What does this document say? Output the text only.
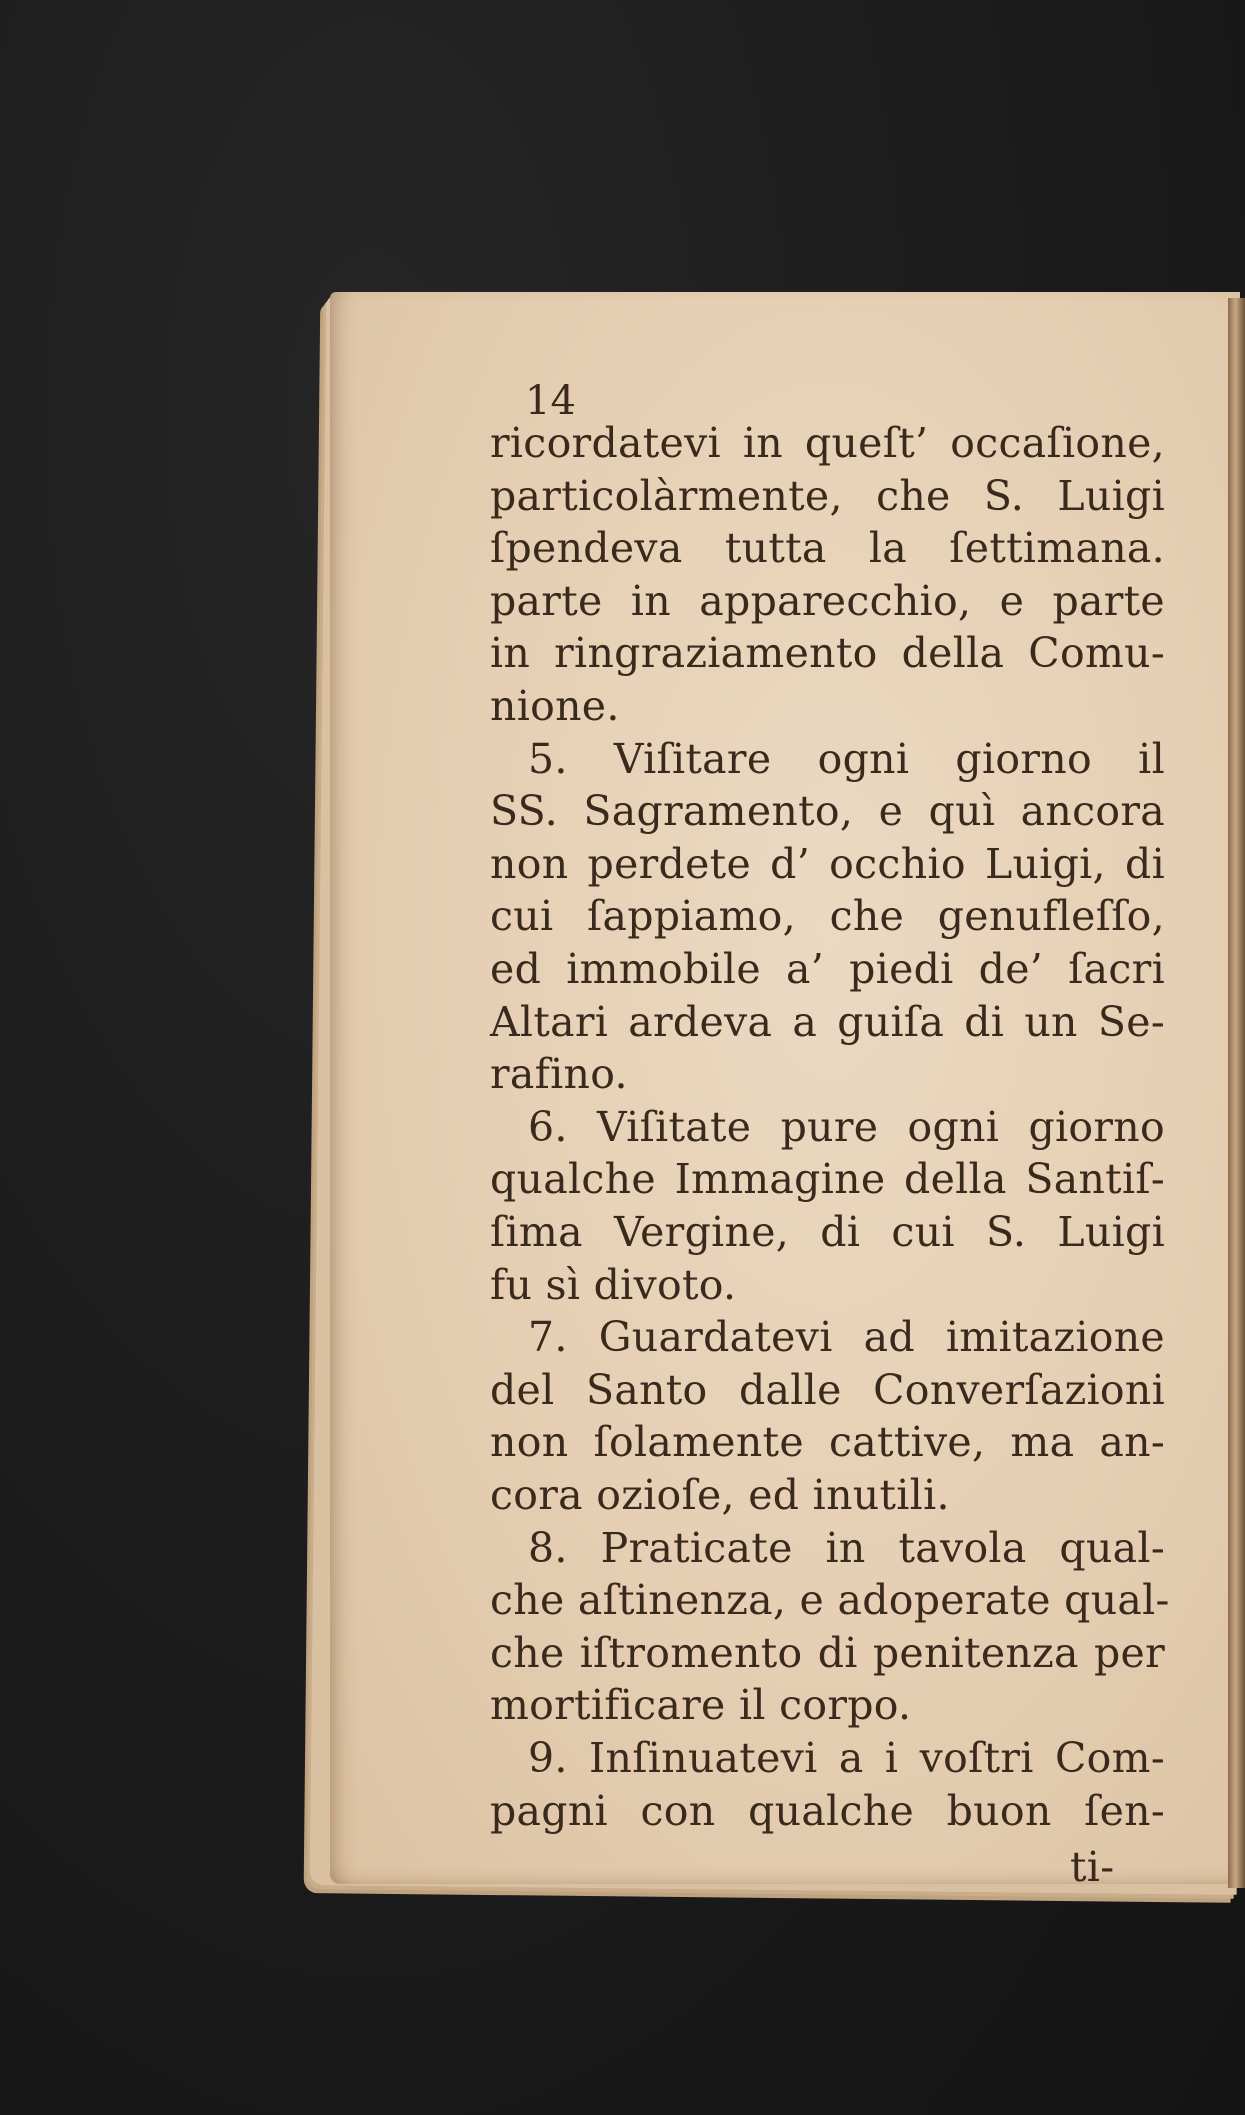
14
ricordatevi in queſt’ occaſione,
particolàrmente, che S. Luigi
ſpendeva tutta la ſettimana.
parte in apparecchio, e parte
in ringraziamento della Comu-
nione.
5. Viſitare ogni giorno il
SS. Sagramento, e quì ancora
non perdete d’ occhio Luigi, di
cui ſappiamo, che genufleſſo,
ed immobile a’ piedi de’ ſacri
Altari ardeva a guiſa di un Se-
rafino.
6. Viſitate pure ogni giorno
qualche Immagine della Santiſ-
ſima Vergine, di cui S. Luigi
fu sì divoto.
7. Guardatevi ad imitazione
del Santo dalle Converſazioni
non ſolamente cattive, ma an-
cora ozioſe, ed inutili.
8. Praticate in tavola qual-
che aſtinenza, e adoperate qual-
che iſtromento di penitenza per
mortificare il corpo.
9. Inſinuatevi a i voſtri Com-
pagni con qualche buon ſen-
ti-
